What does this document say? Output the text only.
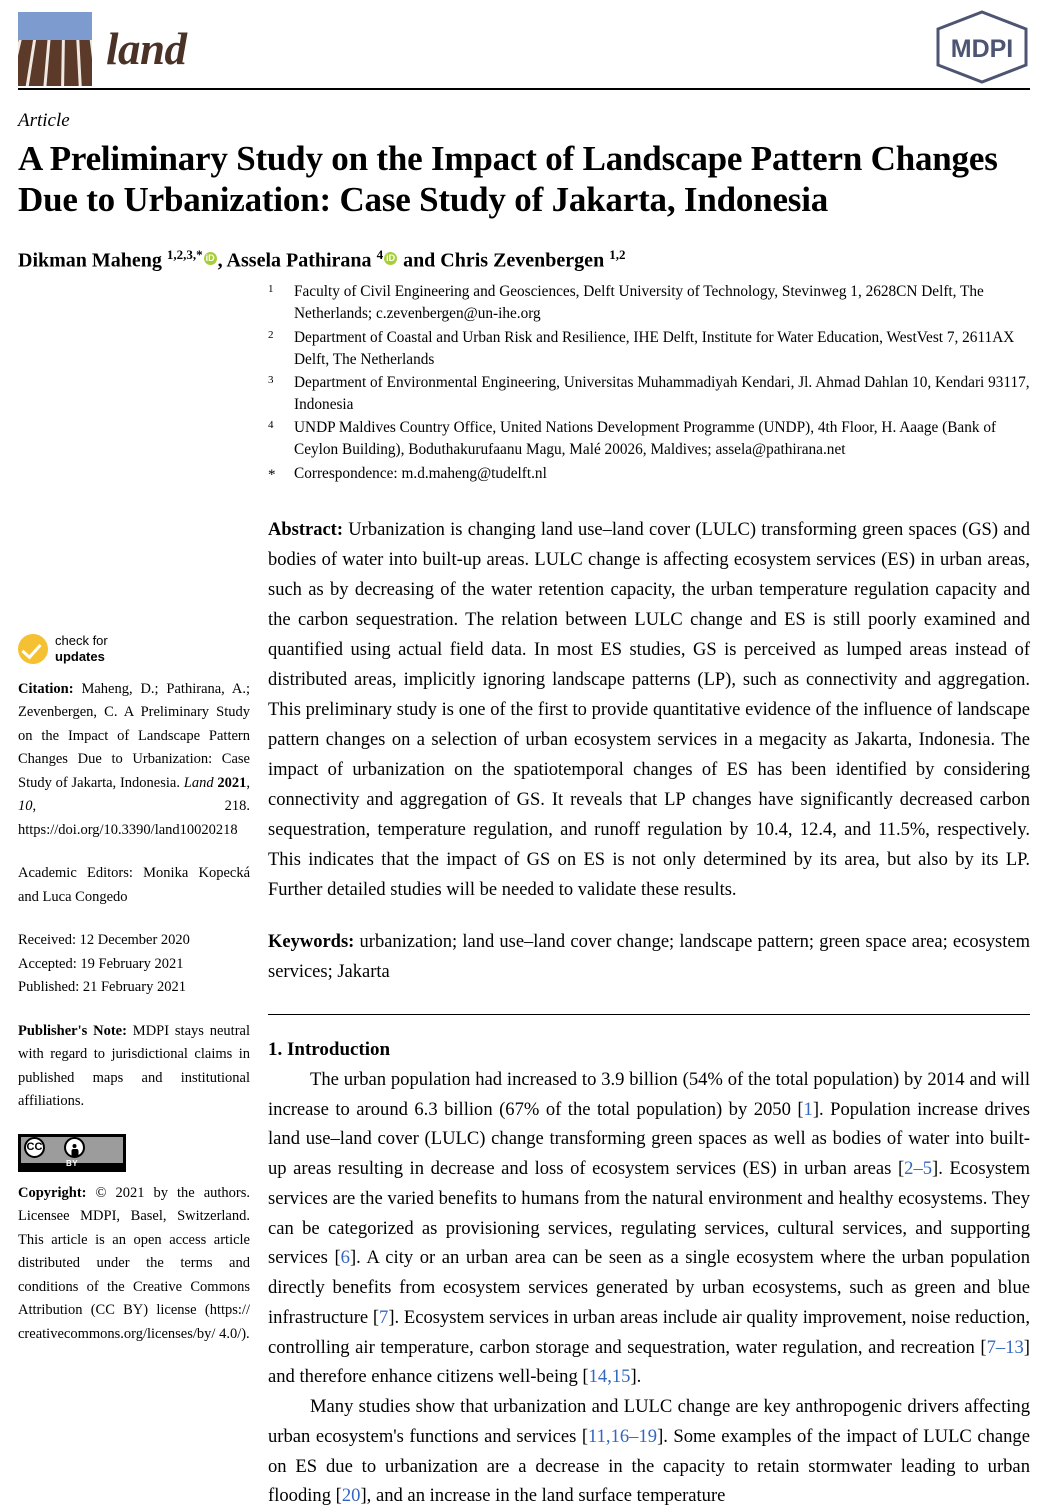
land	MDPI
Article
A Preliminary Study on the Impact of Landscape Pattern Changes Due to Urbanization: Case Study of Jakarta, Indonesia
Dikman Maheng $^{1,2,3,*}$ iD , Assela Pathirana $^4$ iD and Chris Zevenbergen $^{1,2}$
check for
updates
Citation: Maheng, D.; Pathirana, A.; Zevenbergen, C. A Preliminary Study on the Impact of Landscape Pattern Changes Due to Urbanization: Case Study of Jakarta, Indonesia. Land 2021, 10,	218. https://doi.org/10.3390/land10020218
Academic Editors: Monika Kopecká and Luca Congedo
Received: 12 December 2020
Accepted: 19 February 2021
Published: 21 February 2021
Publisher's Note: MDPI stays neutral with regard to jurisdictional claims in published maps and institutional affiliations.
CC
BY
Copyright: © 2021 by the authors. Licensee MDPI, Basel, Switzerland. This article is an open access article distributed under the terms and conditions of the Creative Commons Attribution (CC BY) license (https:// creativecommons.org/licenses/by/ 4.0/).
1	Faculty of Civil Engineering and Geosciences, Delft University of Technology, Stevinweg 1, 2628CN Delft, The Netherlands; c.zevenbergen@un-ihe.org
2	Department of Coastal and Urban Risk and Resilience, IHE Delft, Institute for Water Education, WestVest 7, 2611AX Delft, The Netherlands
3	Department of Environmental Engineering, Universitas Muhammadiyah Kendari, Jl. Ahmad Dahlan 10, Kendari 93117, Indonesia
4	UNDP Maldives Country Office, United Nations Development Programme (UNDP), 4th Floor, H. Aaage (Bank of Ceylon Building), Boduthakurufaanu Magu, Malé 20026, Maldives; assela@pathirana.net
*	Correspondence: m.d.maheng@tudelft.nl
Abstract: Urbanization is changing land use–land cover (LULC) transforming green spaces (GS) and bodies of water into built-up areas. LULC change is affecting ecosystem services (ES) in urban areas, such as by decreasing of the water retention capacity, the urban temperature regulation capacity and the carbon sequestration. The relation between LULC change and ES is still poorly examined and quantified using actual field data. In most ES studies, GS is perceived as lumped areas instead of distributed areas, implicitly ignoring landscape patterns (LP), such as connectivity and aggregation. This preliminary study is one of the first to provide quantitative evidence of the influence of landscape pattern changes on a selection of urban ecosystem services in a megacity as Jakarta, Indonesia. The impact of urbanization on the spatiotemporal changes of ES has been identified by considering connectivity and aggregation of GS. It reveals that LP changes have significantly decreased carbon sequestration, temperature regulation, and runoff regulation by 10.4, 12.4, and 11.5%, respectively. This indicates that the impact of GS on ES is not only determined by its area, but also by its LP. Further detailed studies will be needed to validate these results.
Keywords: urbanization; land use–land cover change; landscape pattern; green space area; ecosystem services; Jakarta
1. Introduction

The urban population had increased to 3.9 billion (54% of the total population) by 2014 and will increase to around 6.3 billion (67% of the total population) by 2050 [1]. Population increase drives land use–land cover (LULC) change transforming green spaces as well as bodies of water into built-up areas resulting in decrease and loss of ecosystem services (ES) in urban areas [2–5]. Ecosystem services are the varied benefits to humans from the natural environment and healthy ecosystems. They can be categorized as provisioning services, regulating services, cultural services, and supporting services [6]. A city or an urban area can be seen as a single ecosystem where the urban population directly benefits from ecosystem services generated by urban ecosystems, such as green and blue infrastructure [7]. Ecosystem services in urban areas include air quality improvement, noise reduction, controlling air temperature, carbon storage and sequestration, water regulation, and recreation [7–13] and therefore enhance citizens well-being [14,15].

Many studies show that urbanization and LULC change are key anthropogenic drivers affecting urban ecosystem's functions and services [11,16–19]. Some examples of the impact of LULC change on ES due to urbanization are a decrease in the capacity to retain stormwater leading to urban flooding [20], and an increase in the land surface temperature
